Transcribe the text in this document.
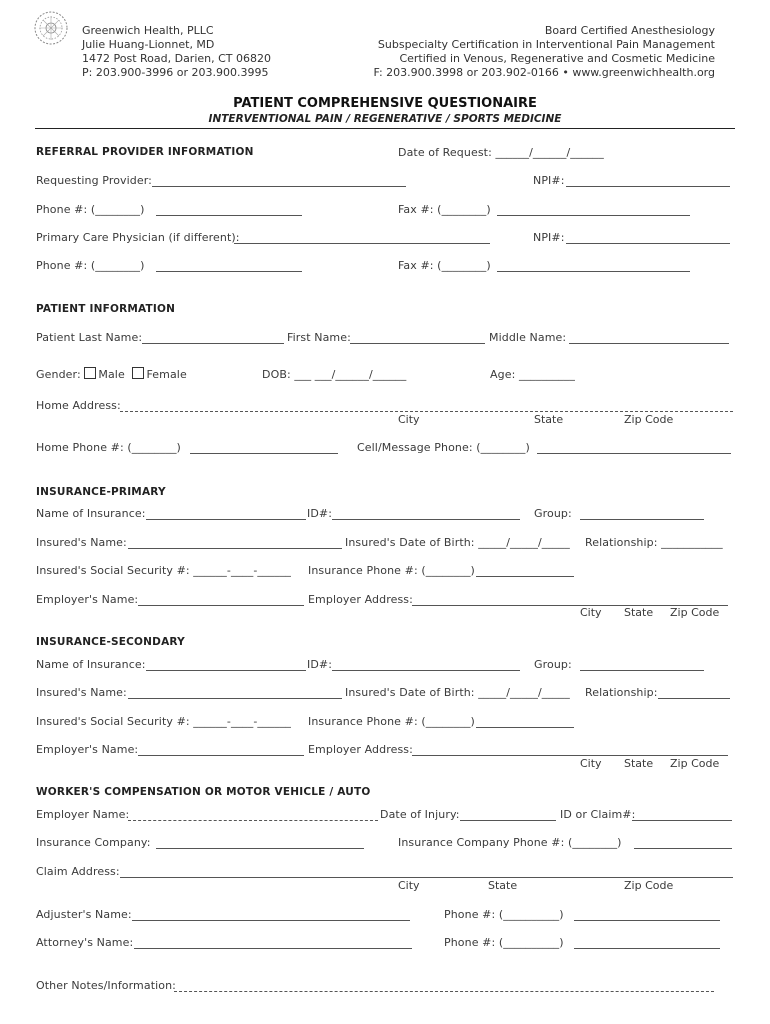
Greenwich Health, PLLC
Julie Huang-Lionnet, MD
1472 Post Road, Darien, CT 06820
P: 203.900-3996 or 203.900.3995
Board Certified Anesthesiology
Subspecialty Certification in Interventional Pain Management
Certified in Venous, Regenerative and Cosmetic Medicine
F: 203.900.3998 or 203.902-0166 • www.greenwichhealth.org
PATIENT COMPREHENSIVE QUESTIONAIRE
INTERVENTIONAL PAIN / REGENERATIVE / SPORTS MEDICINE
REFERRAL PROVIDER INFORMATION	Date of Request: ______/______/______
Requesting Provider:	NPI#:
Phone #: (________)	Fax #: (________)
Primary Care Physician (if different):	NPI#:
Phone #: (________)	Fax #: (________)
PATIENT INFORMATION
Patient Last Name:	First Name:	Middle Name:
Gender: Male Female	DOB: ___ ___/______/______	Age: __________
Home Address:
City	State	Zip Code
Home Phone #: (________)	Cell/Message Phone: (________)
INSURANCE-PRIMARY
Name of Insurance:	ID#:	Group:
Insured's Name:	Insured's Date of Birth: _____/_____/_____ Relationship: ___________
Insured's Social Security #: ______-____-______ Insurance Phone #: (________)
Employer's Name:	Employer Address:
City State Zip Code
INSURANCE-SECONDARY
Name of Insurance:	ID#:	Group:
Insured's Name:	Insured's Date of Birth: _____/_____/_____ Relationship:
Insured's Social Security #: ______-____-______ Insurance Phone #: (________)
Employer's Name:	Employer Address:
City State Zip Code
WORKER'S COMPENSATION OR MOTOR VEHICLE / AUTO
Employer Name:	Date of Injury:	ID or Claim#:
Insurance Company:	Insurance Company Phone #: (________)
Claim Address:
City	State	Zip Code
Adjuster's Name:	Phone #: (__________)
Attorney's Name:	Phone #: (__________)
Other Notes/Information:
